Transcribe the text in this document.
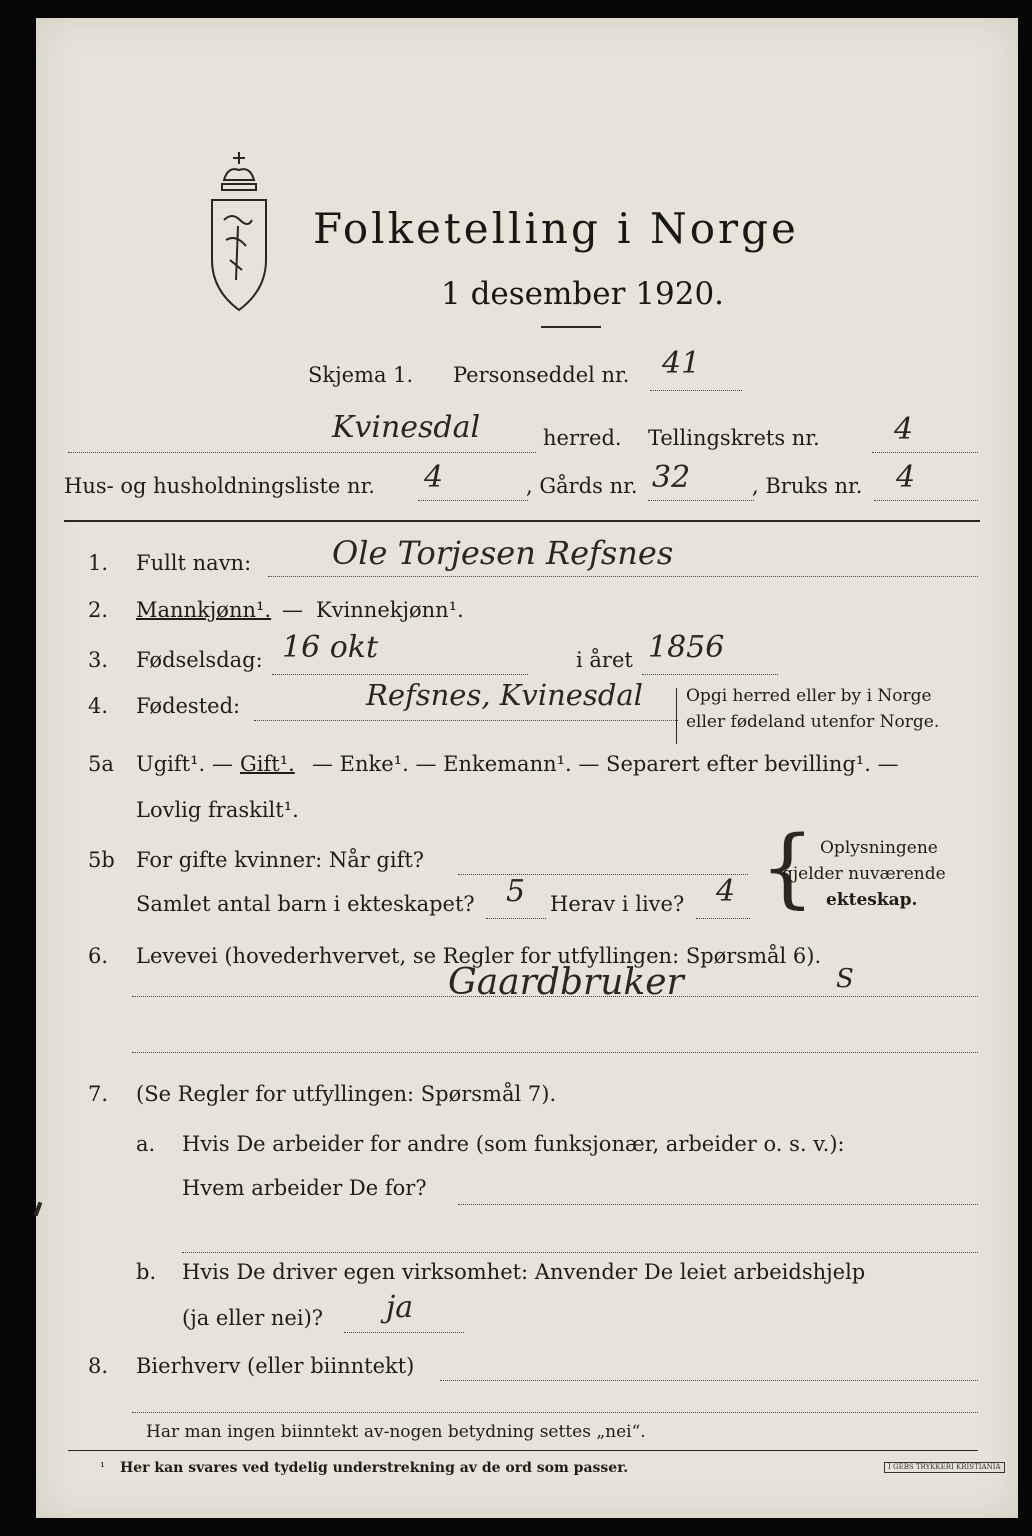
Folketelling i Norge
1 desember 1920.
Skjema 1. Personseddel nr. 41
Kvinesdal	herred. Tellingskrets nr. 4
Hus- og husholdningsliste nr. 4	, Gårds nr. 32	, Bruks nr. 4
1. Fullt navn:	Ole Torjesen Refsnes
2. Mannkjønn¹. — Kvinnekjønn¹.
3. Fødselsdag: 16 okt	i året 1856
4. Fødested:	Refsnes, Kvinesdal	Opgi herred eller by i Norge
eller fødeland utenfor Norge.
5a Ugift¹. — Gift¹. — Enke¹. — Enkemann¹. — Separert efter bevilling¹. —
Lovlig fraskilt¹.
5b For gifte kvinner: Når gift?
Samlet antal barn i ekteskapet? 5 Herav i live? 4 { Oplysningene
gjelder nuværende
ekteskap.
6. Levevei (hovederhvervet, se Regler for utfyllingen: Spørsmål 6).
Gaardbruker	S
7. (Se Regler for utfyllingen: Spørsmål 7).
a. Hvis De arbeider for andre (som funksjonær, arbeider o. s. v.):
Hvem arbeider De for?
b. Hvis De driver egen virksomhet: Anvender De leiet arbeidshjelp
(ja eller nei)? ja
8. Bierhverv (eller biinntekt)
Har man ingen biinntekt av-nogen betydning settes „nei“.
¹ Her kan svares ved tydelig understrekning av de ord som passer.	I GEBS TRYKKERI KRISTIANIA
